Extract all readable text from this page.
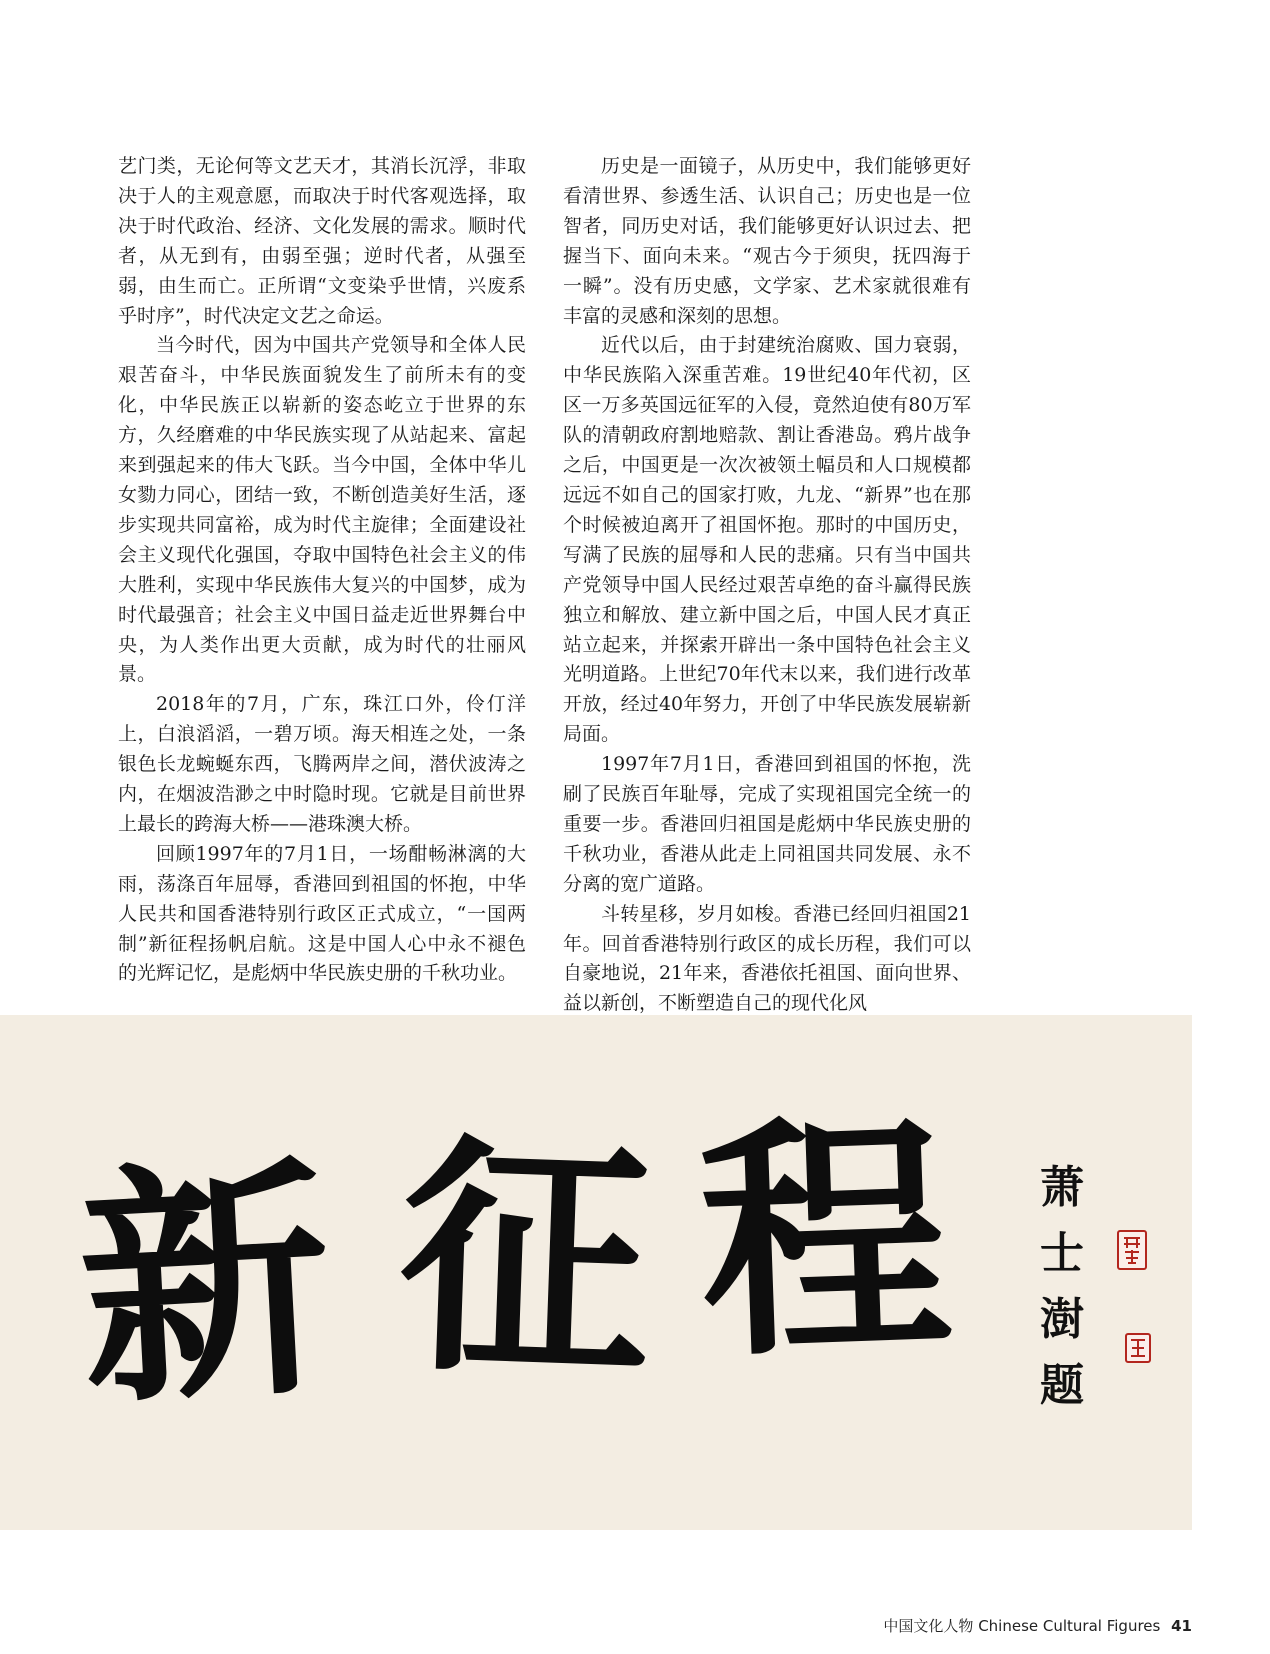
艺门类，无论何等文艺天才，其消长沉浮，非取决于人的主观意愿，而取决于时代客观选择，取决于时代政治、经济、文化发展的需求。顺时代者，从无到有，由弱至强；逆时代者，从强至弱，由生而亡。正所谓“文变染乎世情，兴废系乎时序”，时代决定文艺之命运。

当今时代，因为中国共产党领导和全体人民艰苦奋斗，中华民族面貌发生了前所未有的变化，中华民族正以崭新的姿态屹立于世界的东方，久经磨难的中华民族实现了从站起来、富起来到强起来的伟大飞跃。当今中国，全体中华儿女勠力同心，团结一致，不断创造美好生活，逐步实现共同富裕，成为时代主旋律；全面建设社会主义现代化强国，夺取中国特色社会主义的伟大胜利，实现中华民族伟大复兴的中国梦，成为时代最强音；社会主义中国日益走近世界舞台中央，为人类作出更大贡献，成为时代的壮丽风景。

2018年的7月，广东，珠江口外，伶仃洋上，白浪滔滔，一碧万顷。海天相连之处，一条银色长龙蜿蜒东西，飞腾两岸之间，潜伏波涛之内，在烟波浩渺之中时隐时现。它就是目前世界上最长的跨海大桥——港珠澳大桥。

回顾1997年的7月1日，一场酣畅淋漓的大雨，荡涤百年屈辱，香港回到祖国的怀抱，中华人民共和国香港特别行政区正式成立，“一国两制”新征程扬帆启航。这是中国人心中永不褪色的光辉记忆，是彪炳中华民族史册的千秋功业。

历史是一面镜子，从历史中，我们能够更好看清世界、参透生活、认识自己；历史也是一位智者，同历史对话，我们能够更好认识过去、把握当下、面向未来。“观古今于须臾，抚四海于一瞬”。没有历史感，文学家、艺术家就很难有丰富的灵感和深刻的思想。

近代以后，由于封建统治腐败、国力衰弱，中华民族陷入深重苦难。19世纪40年代初，区区一万多英国远征军的入侵，竟然迫使有80万军队的清朝政府割地赔款、割让香港岛。鸦片战争之后，中国更是一次次被领土幅员和人口规模都远远不如自己的国家打败，九龙、“新界”也在那个时候被迫离开了祖国怀抱。那时的中国历史，写满了民族的屈辱和人民的悲痛。只有当中国共产党领导中国人民经过艰苦卓绝的奋斗赢得民族独立和解放、建立新中国之后，中国人民才真正站立起来，并探索开辟出一条中国特色社会主义光明道路。上世纪70年代末以来，我们进行改革开放，经过40年努力，开创了中华民族发展崭新局面。

1997年7月1日，香港回到祖国的怀抱，洗刷了民族百年耻辱，完成了实现祖国完全统一的重要一步。香港回归祖国是彪炳中华民族史册的千秋功业，香港从此走上同祖国共同发展、永不分离的宽广道路。

斗转星移，岁月如梭。香港已经回归祖国21年。回首香港特别行政区的成长历程，我们可以自豪地说，21年来，香港依托祖国、面向世界、益以新创，不断塑造自己的现代化风

新 征 程 萧
士
澍
题
中国文化人物 Chinese Cultural Figures 41
